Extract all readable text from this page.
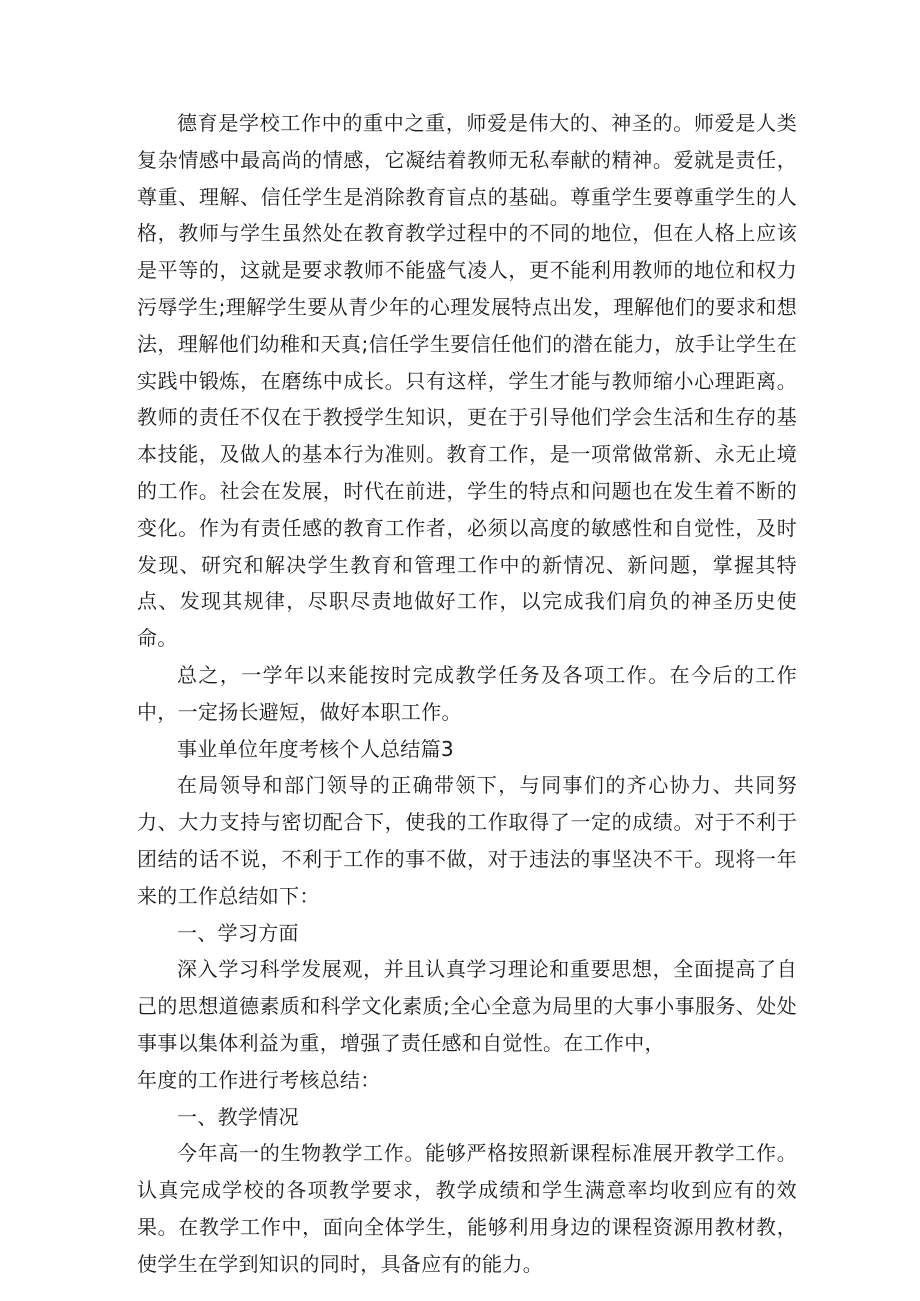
德育是学校工作中的重中之重，师爱是伟大的、神圣的。师爱是人类复杂情感中最高尚的情感，它凝结着教师无私奉献的精神。爱就是责任，尊重、理解、信任学生是消除教育盲点的基础。尊重学生要尊重学生的人格，教师与学生虽然处在教育教学过程中的不同的地位，但在人格上应该是平等的，这就是要求教师不能盛气凌人，更不能利用教师的地位和权力污辱学生;理解学生要从青少年的心理发展特点出发，理解他们的要求和想法，理解他们幼稚和天真;信任学生要信任他们的潜在能力，放手让学生在实践中锻炼，在磨练中成长。只有这样，学生才能与教师缩小心理距离。教师的责任不仅在于教授学生知识，更在于引导他们学会生活和生存的基本技能，及做人的基本行为准则。教育工作，是一项常做常新、永无止境的工作。社会在发展，时代在前进，学生的特点和问题也在发生着不断的变化。作为有责任感的教育工作者，必须以高度的敏感性和自觉性，及时发现、研究和解决学生教育和管理工作中的新情况、新问题，掌握其特点、发现其规律，尽职尽责地做好工作，以完成我们肩负的神圣历史使命。

总之，一学年以来能按时完成教学任务及各项工作。在今后的工作中，一定扬长避短，做好本职工作。

事业单位年度考核个人总结篇3

在局领导和部门领导的正确带领下，与同事们的齐心协力、共同努力、大力支持与密切配合下，使我的工作取得了一定的成绩。对于不利于团结的话不说，不利于工作的事不做，对于违法的事坚决不干。现将一年来的工作总结如下：

一、学习方面

深入学习科学发展观，并且认真学习理论和重要思想，全面提高了自己的思想道德素质和科学文化素质;全心全意为局里的大事小事服务、处处事事以集体利益为重，增强了责任感和自觉性。在工作中，

年度的工作进行考核总结：

一、教学情况

今年高一的生物教学工作。能够严格按照新课程标准展开教学工作。认真完成学校的各项教学要求，教学成绩和学生满意率均收到应有的效果。在教学工作中，面向全体学生，能够利用身边的课程资源用教材教，使学生在学到知识的同时，具备应有的能力。
